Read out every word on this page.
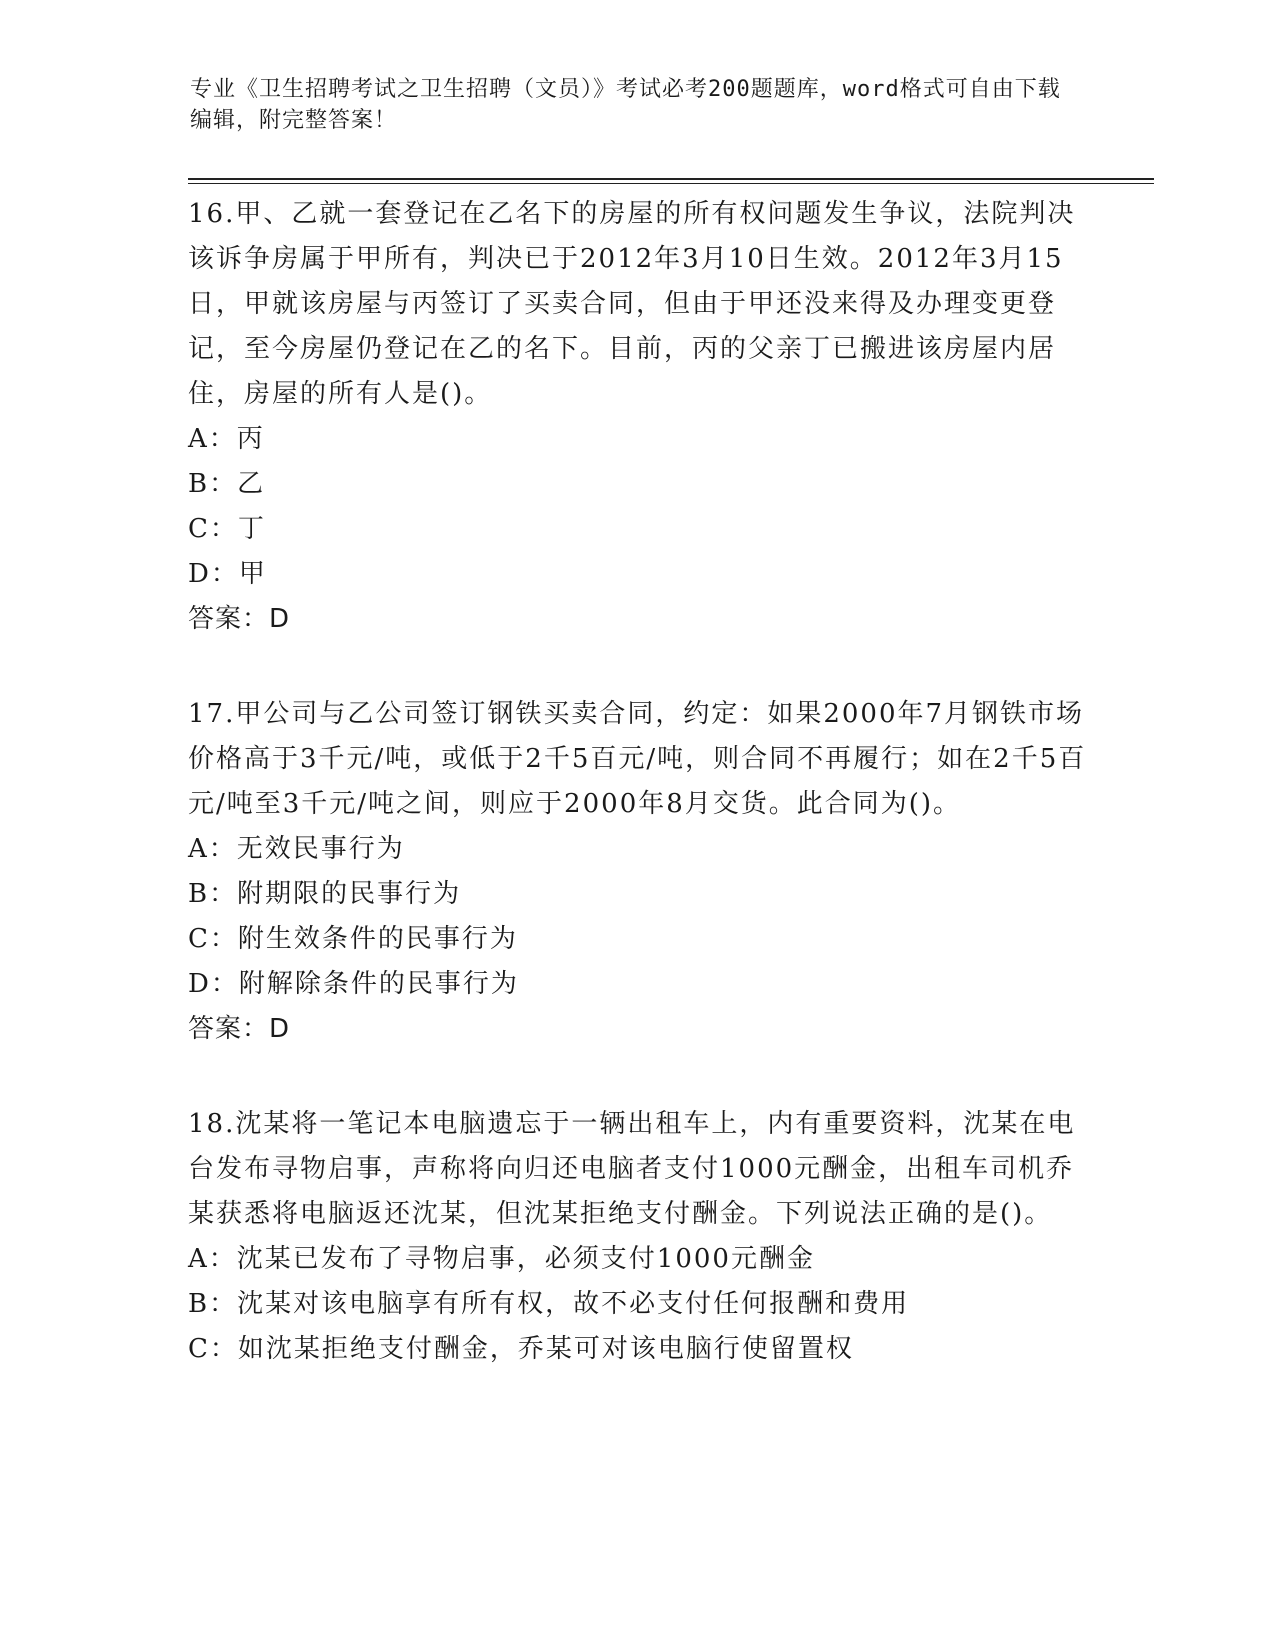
专业《卫生招聘考试之卫生招聘（文员）》考试必考200题题库，word格式可自由下载编辑，附完整答案！

16.甲、乙就一套登记在乙名下的房屋的所有权问题发生争议，法院判决该诉争房属于甲所有，判决已于2012年3月10日生效。2012年3月15日，甲就该房屋与丙签订了买卖合同，但由于甲还没来得及办理变更登记，至今房屋仍登记在乙的名下。目前，丙的父亲丁已搬进该房屋内居住，房屋的所有人是()。

A：丙

B：乙

C：丁

D：甲

答案：D

17.甲公司与乙公司签订钢铁买卖合同，约定：如果2000年7月钢铁市场价格高于3千元/吨，或低于2千5百元/吨，则合同不再履行；如在2千5百元/吨至3千元/吨之间，则应于2000年8月交货。此合同为()。

A：无效民事行为

B：附期限的民事行为

C：附生效条件的民事行为

D：附解除条件的民事行为

答案：D

18.沈某将一笔记本电脑遗忘于一辆出租车上，内有重要资料，沈某在电台发布寻物启事，声称将向归还电脑者支付1000元酬金，出租车司机乔某获悉将电脑返还沈某，但沈某拒绝支付酬金。下列说法正确的是()。

A：沈某已发布了寻物启事，必须支付1000元酬金

B：沈某对该电脑享有所有权，故不必支付任何报酬和费用

C：如沈某拒绝支付酬金，乔某可对该电脑行使留置权
